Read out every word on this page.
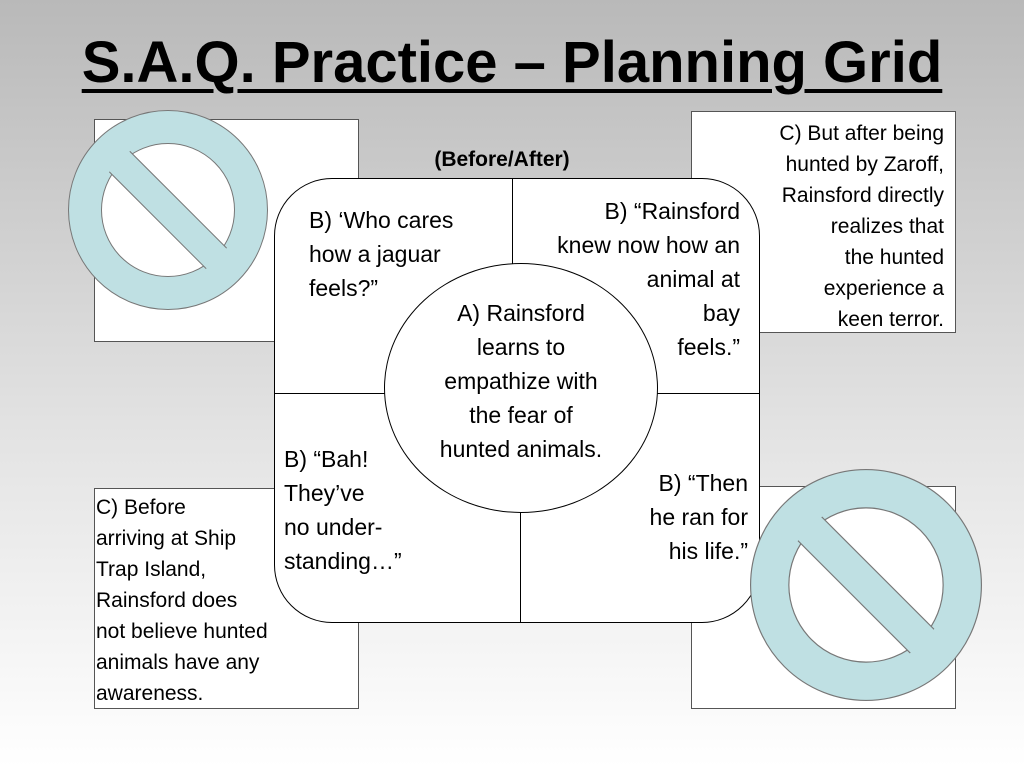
S.A.Q. Practice – Planning Grid
C) But after being
hunted by Zaroff,
Rainsford directly
realizes that
the hunted
experience a
keen terror.
C) Before
arriving at Ship
Trap Island,
Rainsford does
not believe hunted
animals have any
awareness.
(Before/After)
B) ‘Who cares
how a jaguar
feels?”
B) “Rainsford
knew now how an
animal at
bay
feels.”
B) “Bah!
They’ve
no under-
standing…”
B) “Then
he ran for
his life.”
A) Rainsford
learns to
empathize with
the fear of
hunted animals.
